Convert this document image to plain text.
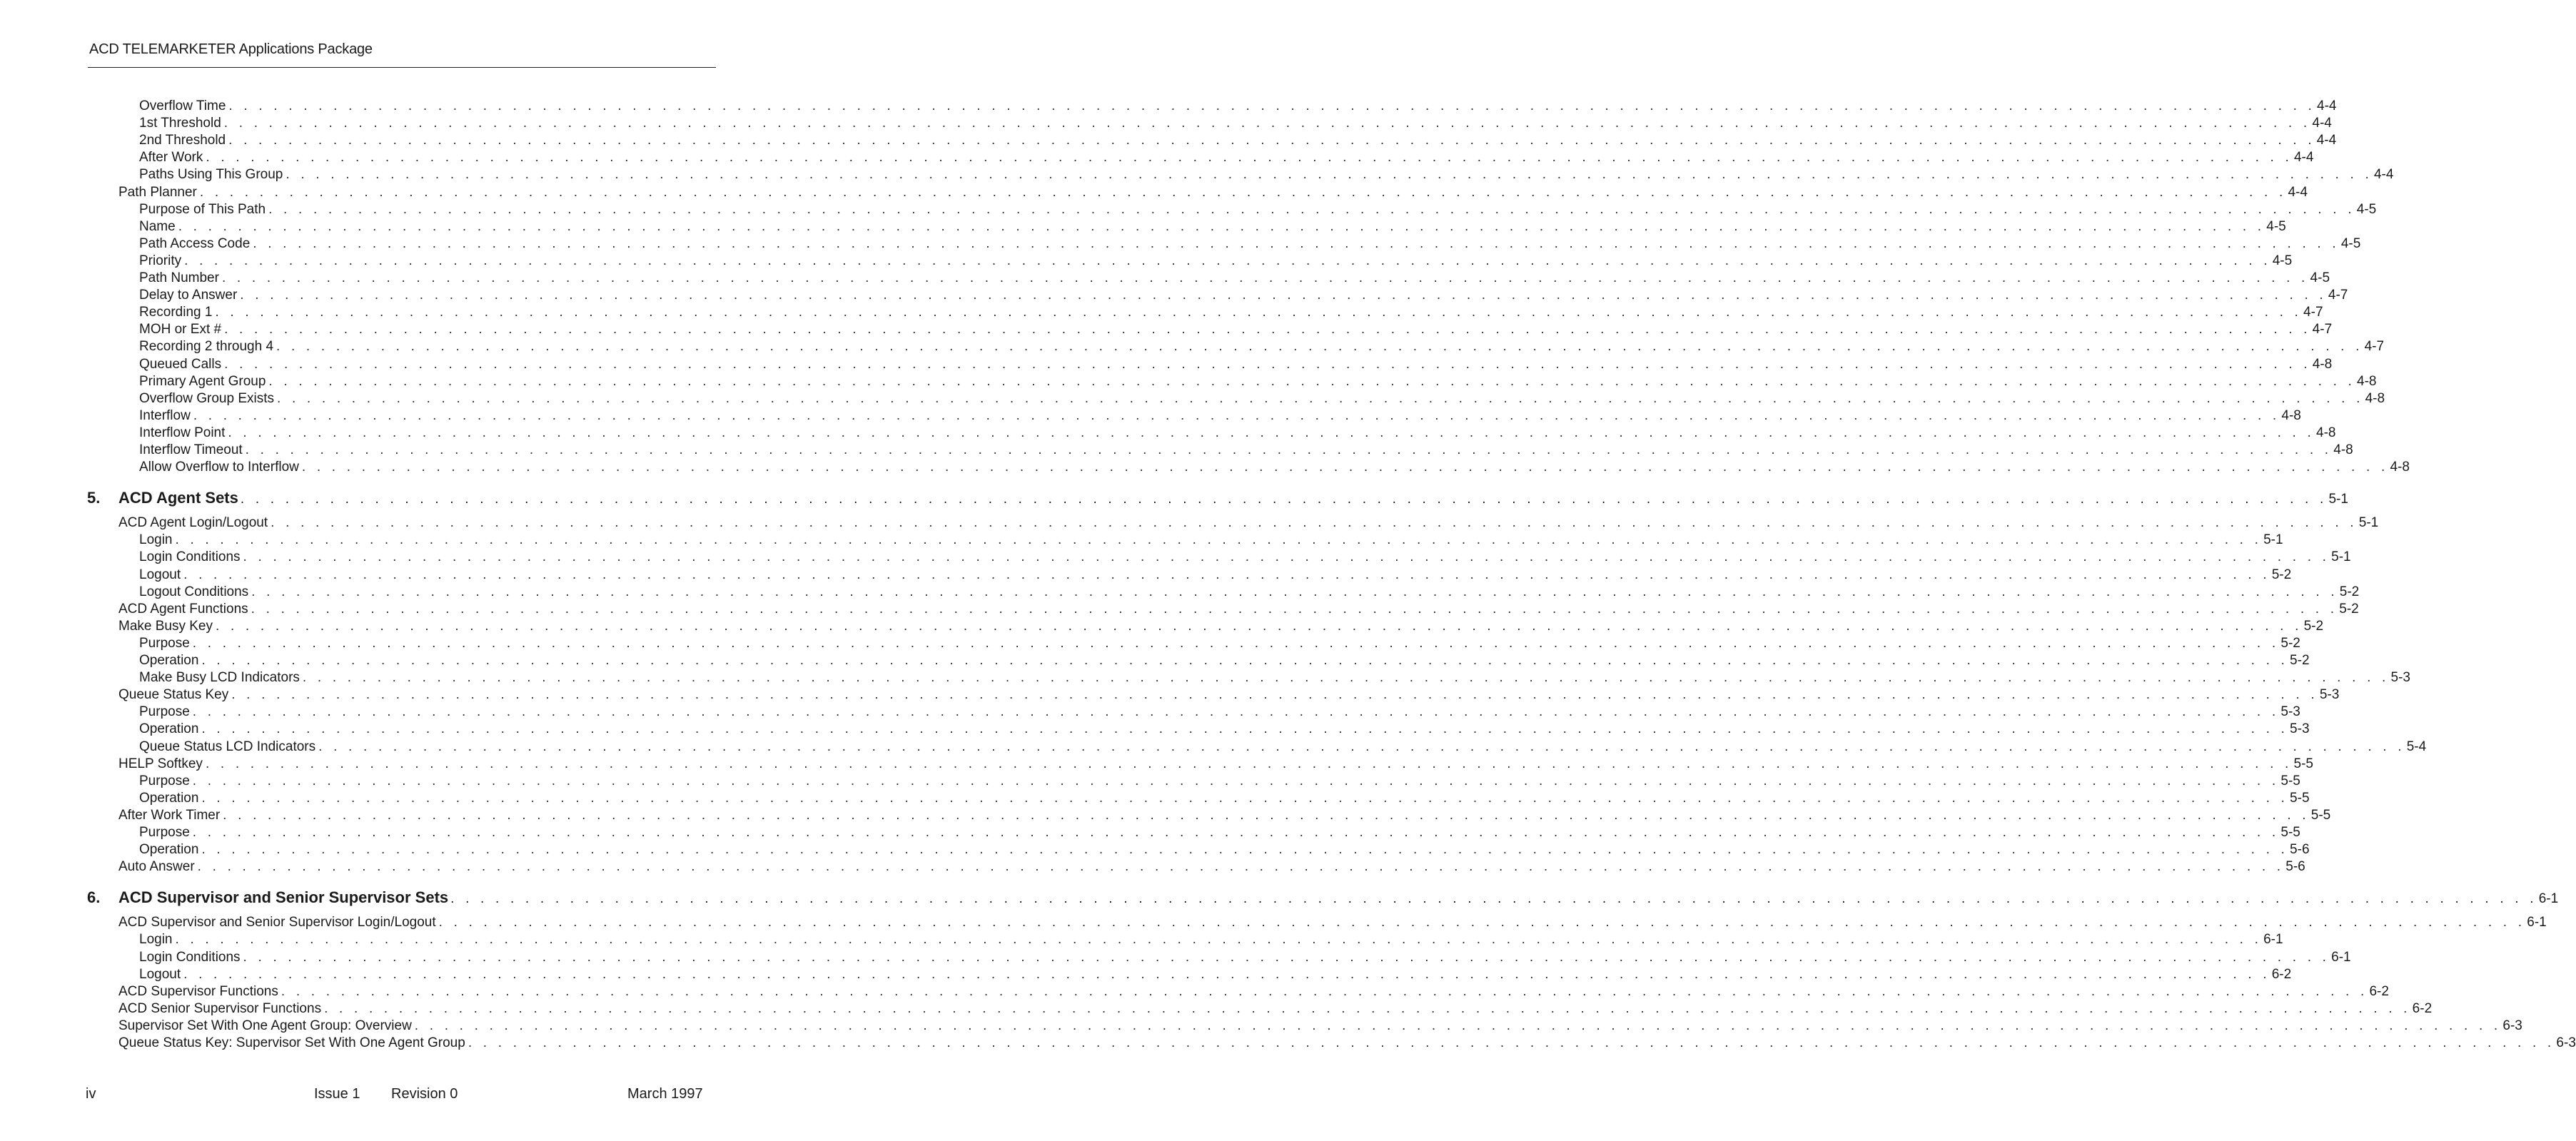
ACD TELEMARKETER Applications Package
Overflow Time . . . . . . . . . . . . . . . . . . . . . . . . . . . . . . . . . . . . . . . . . . . . . . . . . . . . . . . . . . . . . . . . . . . . . . . . . . . . . . . . . . . . . . . . . . . . . . . . . . . . . . . . . . . . . . . . . . . . . . . . . . . . . . . . . . . . . . . . . . . . 4-4
1st Threshold . . . . . . . . . . . . . . . . . . . . . . . . . . . . . . . . . . . . . . . . . . . . . . . . . . . . . . . . . . . . . . . . . . . . . . . . . . . . . . . . . . . . . . . . . . . . . . . . . . . . . . . . . . . . . . . . . . . . . . . . . . . . . . . . . . . . . . . . . . . . 4-4
2nd Threshold . . . . . . . . . . . . . . . . . . . . . . . . . . . . . . . . . . . . . . . . . . . . . . . . . . . . . . . . . . . . . . . . . . . . . . . . . . . . . . . . . . . . . . . . . . . . . . . . . . . . . . . . . . . . . . . . . . . . . . . . . . . . . . . . . . . . . . . . . . . . 4-4
After Work . . . . . . . . . . . . . . . . . . . . . . . . . . . . . . . . . . . . . . . . . . . . . . . . . . . . . . . . . . . . . . . . . . . . . . . . . . . . . . . . . . . . . . . . . . . . . . . . . . . . . . . . . . . . . . . . . . . . . . . . . . . . . . . . . . . . . . . . . . . . 4-4
Paths Using This Group . . . . . . . . . . . . . . . . . . . . . . . . . . . . . . . . . . . . . . . . . . . . . . . . . . . . . . . . . . . . . . . . . . . . . . . . . . . . . . . . . . . . . . . . . . . . . . . . . . . . . . . . . . . . . . . . . . . . . . . . . . . . . . . . . . . . . . . . . . . . 4-4
Path Planner . . . . . . . . . . . . . . . . . . . . . . . . . . . . . . . . . . . . . . . . . . . . . . . . . . . . . . . . . . . . . . . . . . . . . . . . . . . . . . . . . . . . . . . . . . . . . . . . . . . . . . . . . . . . . . . . . . . . . . . . . . . . . . . . . . . . . . . . . . . . 4-4
Purpose of This Path . . . . . . . . . . . . . . . . . . . . . . . . . . . . . . . . . . . . . . . . . . . . . . . . . . . . . . . . . . . . . . . . . . . . . . . . . . . . . . . . . . . . . . . . . . . . . . . . . . . . . . . . . . . . . . . . . . . . . . . . . . . . . . . . . . . . . . . . . . . . 4-5
Name . . . . . . . . . . . . . . . . . . . . . . . . . . . . . . . . . . . . . . . . . . . . . . . . . . . . . . . . . . . . . . . . . . . . . . . . . . . . . . . . . . . . . . . . . . . . . . . . . . . . . . . . . . . . . . . . . . . . . . . . . . . . . . . . . . . . . . . . . . . . 4-5
Path Access Code . . . . . . . . . . . . . . . . . . . . . . . . . . . . . . . . . . . . . . . . . . . . . . . . . . . . . . . . . . . . . . . . . . . . . . . . . . . . . . . . . . . . . . . . . . . . . . . . . . . . . . . . . . . . . . . . . . . . . . . . . . . . . . . . . . . . . . . . . . . . 4-5
Priority . . . . . . . . . . . . . . . . . . . . . . . . . . . . . . . . . . . . . . . . . . . . . . . . . . . . . . . . . . . . . . . . . . . . . . . . . . . . . . . . . . . . . . . . . . . . . . . . . . . . . . . . . . . . . . . . . . . . . . . . . . . . . . . . . . . . . . . . . . . . 4-5
Path Number . . . . . . . . . . . . . . . . . . . . . . . . . . . . . . . . . . . . . . . . . . . . . . . . . . . . . . . . . . . . . . . . . . . . . . . . . . . . . . . . . . . . . . . . . . . . . . . . . . . . . . . . . . . . . . . . . . . . . . . . . . . . . . . . . . . . . . . . . . . . 4-5
Delay to Answer . . . . . . . . . . . . . . . . . . . . . . . . . . . . . . . . . . . . . . . . . . . . . . . . . . . . . . . . . . . . . . . . . . . . . . . . . . . . . . . . . . . . . . . . . . . . . . . . . . . . . . . . . . . . . . . . . . . . . . . . . . . . . . . . . . . . . . . . . . . . 4-7
Recording 1 . . . . . . . . . . . . . . . . . . . . . . . . . . . . . . . . . . . . . . . . . . . . . . . . . . . . . . . . . . . . . . . . . . . . . . . . . . . . . . . . . . . . . . . . . . . . . . . . . . . . . . . . . . . . . . . . . . . . . . . . . . . . . . . . . . . . . . . . . . . . 4-7
MOH or Ext # . . . . . . . . . . . . . . . . . . . . . . . . . . . . . . . . . . . . . . . . . . . . . . . . . . . . . . . . . . . . . . . . . . . . . . . . . . . . . . . . . . . . . . . . . . . . . . . . . . . . . . . . . . . . . . . . . . . . . . . . . . . . . . . . . . . . . . . . . . . . 4-7
Recording 2 through 4 . . . . . . . . . . . . . . . . . . . . . . . . . . . . . . . . . . . . . . . . . . . . . . . . . . . . . . . . . . . . . . . . . . . . . . . . . . . . . . . . . . . . . . . . . . . . . . . . . . . . . . . . . . . . . . . . . . . . . . . . . . . . . . . . . . . . . . . . . . . . 4-7
Queued Calls . . . . . . . . . . . . . . . . . . . . . . . . . . . . . . . . . . . . . . . . . . . . . . . . . . . . . . . . . . . . . . . . . . . . . . . . . . . . . . . . . . . . . . . . . . . . . . . . . . . . . . . . . . . . . . . . . . . . . . . . . . . . . . . . . . . . . . . . . . . . 4-8
Primary Agent Group . . . . . . . . . . . . . . . . . . . . . . . . . . . . . . . . . . . . . . . . . . . . . . . . . . . . . . . . . . . . . . . . . . . . . . . . . . . . . . . . . . . . . . . . . . . . . . . . . . . . . . . . . . . . . . . . . . . . . . . . . . . . . . . . . . . . . . . . . . . . 4-8
Overflow Group Exists . . . . . . . . . . . . . . . . . . . . . . . . . . . . . . . . . . . . . . . . . . . . . . . . . . . . . . . . . . . . . . . . . . . . . . . . . . . . . . . . . . . . . . . . . . . . . . . . . . . . . . . . . . . . . . . . . . . . . . . . . . . . . . . . . . . . . . . . . . . . 4-8
Interflow . . . . . . . . . . . . . . . . . . . . . . . . . . . . . . . . . . . . . . . . . . . . . . . . . . . . . . . . . . . . . . . . . . . . . . . . . . . . . . . . . . . . . . . . . . . . . . . . . . . . . . . . . . . . . . . . . . . . . . . . . . . . . . . . . . . . . . . . . . . . 4-8
Interflow Point . . . . . . . . . . . . . . . . . . . . . . . . . . . . . . . . . . . . . . . . . . . . . . . . . . . . . . . . . . . . . . . . . . . . . . . . . . . . . . . . . . . . . . . . . . . . . . . . . . . . . . . . . . . . . . . . . . . . . . . . . . . . . . . . . . . . . . . . . . . . 4-8
Interflow Timeout . . . . . . . . . . . . . . . . . . . . . . . . . . . . . . . . . . . . . . . . . . . . . . . . . . . . . . . . . . . . . . . . . . . . . . . . . . . . . . . . . . . . . . . . . . . . . . . . . . . . . . . . . . . . . . . . . . . . . . . . . . . . . . . . . . . . . . . . . . . . 4-8
Allow Overflow to Interflow . . . . . . . . . . . . . . . . . . . . . . . . . . . . . . . . . . . . . . . . . . . . . . . . . . . . . . . . . . . . . . . . . . . . . . . . . . . . . . . . . . . . . . . . . . . . . . . . . . . . . . . . . . . . . . . . . . . . . . . . . . . . . . . . . . . . . . . . . . . . 4-8
5. ACD Agent Sets . . . . . . . . . . . . . . . . . . . . . . . . . . . . . . . . . . . . . . . . . . . . . . . . . . . . . . . . . . . . . . . . . . . . . . . . . . . . . . . . . . . . . . . . . . . . . . . . . . . . . . . . . . . . . . . . . . . . . . . . . . . . . . . . . . . . . . . . . . . . 5-1
ACD Agent Login/Logout . . . . . . . . . . . . . . . . . . . . . . . . . . . . . . . . . . . . . . . . . . . . . . . . . . . . . . . . . . . . . . . . . . . . . . . . . . . . . . . . . . . . . . . . . . . . . . . . . . . . . . . . . . . . . . . . . . . . . . . . . . . . . . . . . . . . . . . . . . . . 5-1
Login . . . . . . . . . . . . . . . . . . . . . . . . . . . . . . . . . . . . . . . . . . . . . . . . . . . . . . . . . . . . . . . . . . . . . . . . . . . . . . . . . . . . . . . . . . . . . . . . . . . . . . . . . . . . . . . . . . . . . . . . . . . . . . . . . . . . . . . . . . . . 5-1
Login Conditions . . . . . . . . . . . . . . . . . . . . . . . . . . . . . . . . . . . . . . . . . . . . . . . . . . . . . . . . . . . . . . . . . . . . . . . . . . . . . . . . . . . . . . . . . . . . . . . . . . . . . . . . . . . . . . . . . . . . . . . . . . . . . . . . . . . . . . . . . . . . 5-1
Logout . . . . . . . . . . . . . . . . . . . . . . . . . . . . . . . . . . . . . . . . . . . . . . . . . . . . . . . . . . . . . . . . . . . . . . . . . . . . . . . . . . . . . . . . . . . . . . . . . . . . . . . . . . . . . . . . . . . . . . . . . . . . . . . . . . . . . . . . . . . . 5-2
Logout Conditions . . . . . . . . . . . . . . . . . . . . . . . . . . . . . . . . . . . . . . . . . . . . . . . . . . . . . . . . . . . . . . . . . . . . . . . . . . . . . . . . . . . . . . . . . . . . . . . . . . . . . . . . . . . . . . . . . . . . . . . . . . . . . . . . . . . . . . . . . . . . 5-2
ACD Agent Functions . . . . . . . . . . . . . . . . . . . . . . . . . . . . . . . . . . . . . . . . . . . . . . . . . . . . . . . . . . . . . . . . . . . . . . . . . . . . . . . . . . . . . . . . . . . . . . . . . . . . . . . . . . . . . . . . . . . . . . . . . . . . . . . . . . . . . . . . . . . . 5-2
Make Busy Key . . . . . . . . . . . . . . . . . . . . . . . . . . . . . . . . . . . . . . . . . . . . . . . . . . . . . . . . . . . . . . . . . . . . . . . . . . . . . . . . . . . . . . . . . . . . . . . . . . . . . . . . . . . . . . . . . . . . . . . . . . . . . . . . . . . . . . . . . . . . 5-2
Purpose . . . . . . . . . . . . . . . . . . . . . . . . . . . . . . . . . . . . . . . . . . . . . . . . . . . . . . . . . . . . . . . . . . . . . . . . . . . . . . . . . . . . . . . . . . . . . . . . . . . . . . . . . . . . . . . . . . . . . . . . . . . . . . . . . . . . . . . . . . . . 5-2
Operation . . . . . . . . . . . . . . . . . . . . . . . . . . . . . . . . . . . . . . . . . . . . . . . . . . . . . . . . . . . . . . . . . . . . . . . . . . . . . . . . . . . . . . . . . . . . . . . . . . . . . . . . . . . . . . . . . . . . . . . . . . . . . . . . . . . . . . . . . . . . 5-2
Make Busy LCD Indicators . . . . . . . . . . . . . . . . . . . . . . . . . . . . . . . . . . . . . . . . . . . . . . . . . . . . . . . . . . . . . . . . . . . . . . . . . . . . . . . . . . . . . . . . . . . . . . . . . . . . . . . . . . . . . . . . . . . . . . . . . . . . . . . . . . . . . . . . . . . . 5-3
Queue Status Key . . . . . . . . . . . . . . . . . . . . . . . . . . . . . . . . . . . . . . . . . . . . . . . . . . . . . . . . . . . . . . . . . . . . . . . . . . . . . . . . . . . . . . . . . . . . . . . . . . . . . . . . . . . . . . . . . . . . . . . . . . . . . . . . . . . . . . . . . . . . 5-3
Purpose . . . . . . . . . . . . . . . . . . . . . . . . . . . . . . . . . . . . . . . . . . . . . . . . . . . . . . . . . . . . . . . . . . . . . . . . . . . . . . . . . . . . . . . . . . . . . . . . . . . . . . . . . . . . . . . . . . . . . . . . . . . . . . . . . . . . . . . . . . . . 5-3
Operation . . . . . . . . . . . . . . . . . . . . . . . . . . . . . . . . . . . . . . . . . . . . . . . . . . . . . . . . . . . . . . . . . . . . . . . . . . . . . . . . . . . . . . . . . . . . . . . . . . . . . . . . . . . . . . . . . . . . . . . . . . . . . . . . . . . . . . . . . . . . 5-3
Queue Status LCD Indicators . . . . . . . . . . . . . . . . . . . . . . . . . . . . . . . . . . . . . . . . . . . . . . . . . . . . . . . . . . . . . . . . . . . . . . . . . . . . . . . . . . . . . . . . . . . . . . . . . . . . . . . . . . . . . . . . . . . . . . . . . . . . . . . . . . . . . . . . . . . . 5-4
HELP Softkey . . . . . . . . . . . . . . . . . . . . . . . . . . . . . . . . . . . . . . . . . . . . . . . . . . . . . . . . . . . . . . . . . . . . . . . . . . . . . . . . . . . . . . . . . . . . . . . . . . . . . . . . . . . . . . . . . . . . . . . . . . . . . . . . . . . . . . . . . . . . 5-5
Purpose . . . . . . . . . . . . . . . . . . . . . . . . . . . . . . . . . . . . . . . . . . . . . . . . . . . . . . . . . . . . . . . . . . . . . . . . . . . . . . . . . . . . . . . . . . . . . . . . . . . . . . . . . . . . . . . . . . . . . . . . . . . . . . . . . . . . . . . . . . . . 5-5
Operation . . . . . . . . . . . . . . . . . . . . . . . . . . . . . . . . . . . . . . . . . . . . . . . . . . . . . . . . . . . . . . . . . . . . . . . . . . . . . . . . . . . . . . . . . . . . . . . . . . . . . . . . . . . . . . . . . . . . . . . . . . . . . . . . . . . . . . . . . . . . 5-5
After Work Timer . . . . . . . . . . . . . . . . . . . . . . . . . . . . . . . . . . . . . . . . . . . . . . . . . . . . . . . . . . . . . . . . . . . . . . . . . . . . . . . . . . . . . . . . . . . . . . . . . . . . . . . . . . . . . . . . . . . . . . . . . . . . . . . . . . . . . . . . . . . . 5-5
Purpose . . . . . . . . . . . . . . . . . . . . . . . . . . . . . . . . . . . . . . . . . . . . . . . . . . . . . . . . . . . . . . . . . . . . . . . . . . . . . . . . . . . . . . . . . . . . . . . . . . . . . . . . . . . . . . . . . . . . . . . . . . . . . . . . . . . . . . . . . . . . 5-5
Operation . . . . . . . . . . . . . . . . . . . . . . . . . . . . . . . . . . . . . . . . . . . . . . . . . . . . . . . . . . . . . . . . . . . . . . . . . . . . . . . . . . . . . . . . . . . . . . . . . . . . . . . . . . . . . . . . . . . . . . . . . . . . . . . . . . . . . . . . . . . . 5-6
Auto Answer . . . . . . . . . . . . . . . . . . . . . . . . . . . . . . . . . . . . . . . . . . . . . . . . . . . . . . . . . . . . . . . . . . . . . . . . . . . . . . . . . . . . . . . . . . . . . . . . . . . . . . . . . . . . . . . . . . . . . . . . . . . . . . . . . . . . . . . . . . . . 5-6
6. ACD Supervisor and Senior Supervisor Sets . . . . . . . . . . . . . . . . . . . . . . . . . . . . . . . . . . . . . . . . . . . . . . . . . . . . . . . . . . . . . . . . . . . . . . . . . . . . . . . . . . . . . . . . . . . . . . . . . . . . . . . . . . . . . . . . . . . . . . . . . . . . . . . . . . . . . . . . . . . . 6-1
ACD Supervisor and Senior Supervisor Login/Logout . . . . . . . . . . . . . . . . . . . . . . . . . . . . . . . . . . . . . . . . . . . . . . . . . . . . . . . . . . . . . . . . . . . . . . . . . . . . . . . . . . . . . . . . . . . . . . . . . . . . . . . . . . . . . . . . . . . . . . . . . . . . . . . . . . . . . . . . . . . . 6-1
Login . . . . . . . . . . . . . . . . . . . . . . . . . . . . . . . . . . . . . . . . . . . . . . . . . . . . . . . . . . . . . . . . . . . . . . . . . . . . . . . . . . . . . . . . . . . . . . . . . . . . . . . . . . . . . . . . . . . . . . . . . . . . . . . . . . . . . . . . . . . . 6-1
Login Conditions . . . . . . . . . . . . . . . . . . . . . . . . . . . . . . . . . . . . . . . . . . . . . . . . . . . . . . . . . . . . . . . . . . . . . . . . . . . . . . . . . . . . . . . . . . . . . . . . . . . . . . . . . . . . . . . . . . . . . . . . . . . . . . . . . . . . . . . . . . . . 6-1
Logout . . . . . . . . . . . . . . . . . . . . . . . . . . . . . . . . . . . . . . . . . . . . . . . . . . . . . . . . . . . . . . . . . . . . . . . . . . . . . . . . . . . . . . . . . . . . . . . . . . . . . . . . . . . . . . . . . . . . . . . . . . . . . . . . . . . . . . . . . . . . 6-2
ACD Supervisor Functions . . . . . . . . . . . . . . . . . . . . . . . . . . . . . . . . . . . . . . . . . . . . . . . . . . . . . . . . . . . . . . . . . . . . . . . . . . . . . . . . . . . . . . . . . . . . . . . . . . . . . . . . . . . . . . . . . . . . . . . . . . . . . . . . . . . . . . . . . . . . 6-2
ACD Senior Supervisor Functions . . . . . . . . . . . . . . . . . . . . . . . . . . . . . . . . . . . . . . . . . . . . . . . . . . . . . . . . . . . . . . . . . . . . . . . . . . . . . . . . . . . . . . . . . . . . . . . . . . . . . . . . . . . . . . . . . . . . . . . . . . . . . . . . . . . . . . . . . . . . 6-2
Supervisor Set With One Agent Group: Overview . . . . . . . . . . . . . . . . . . . . . . . . . . . . . . . . . . . . . . . . . . . . . . . . . . . . . . . . . . . . . . . . . . . . . . . . . . . . . . . . . . . . . . . . . . . . . . . . . . . . . . . . . . . . . . . . . . . . . . . . . . . . . . . . . . . . . . . . . . . . 6-3
Queue Status Key: Supervisor Set With One Agent Group . . . . . . . . . . . . . . . . . . . . . . . . . . . . . . . . . . . . . . . . . . . . . . . . . . . . . . . . . . . . . . . . . . . . . . . . . . . . . . . . . . . . . . . . . . . . . . . . . . . . . . . . . . . . . . . . . . . . . . . . . . . . . . . . . . . . . . . . . . . . 6-3
iv	Issue 1 Revision 0	March 1997
